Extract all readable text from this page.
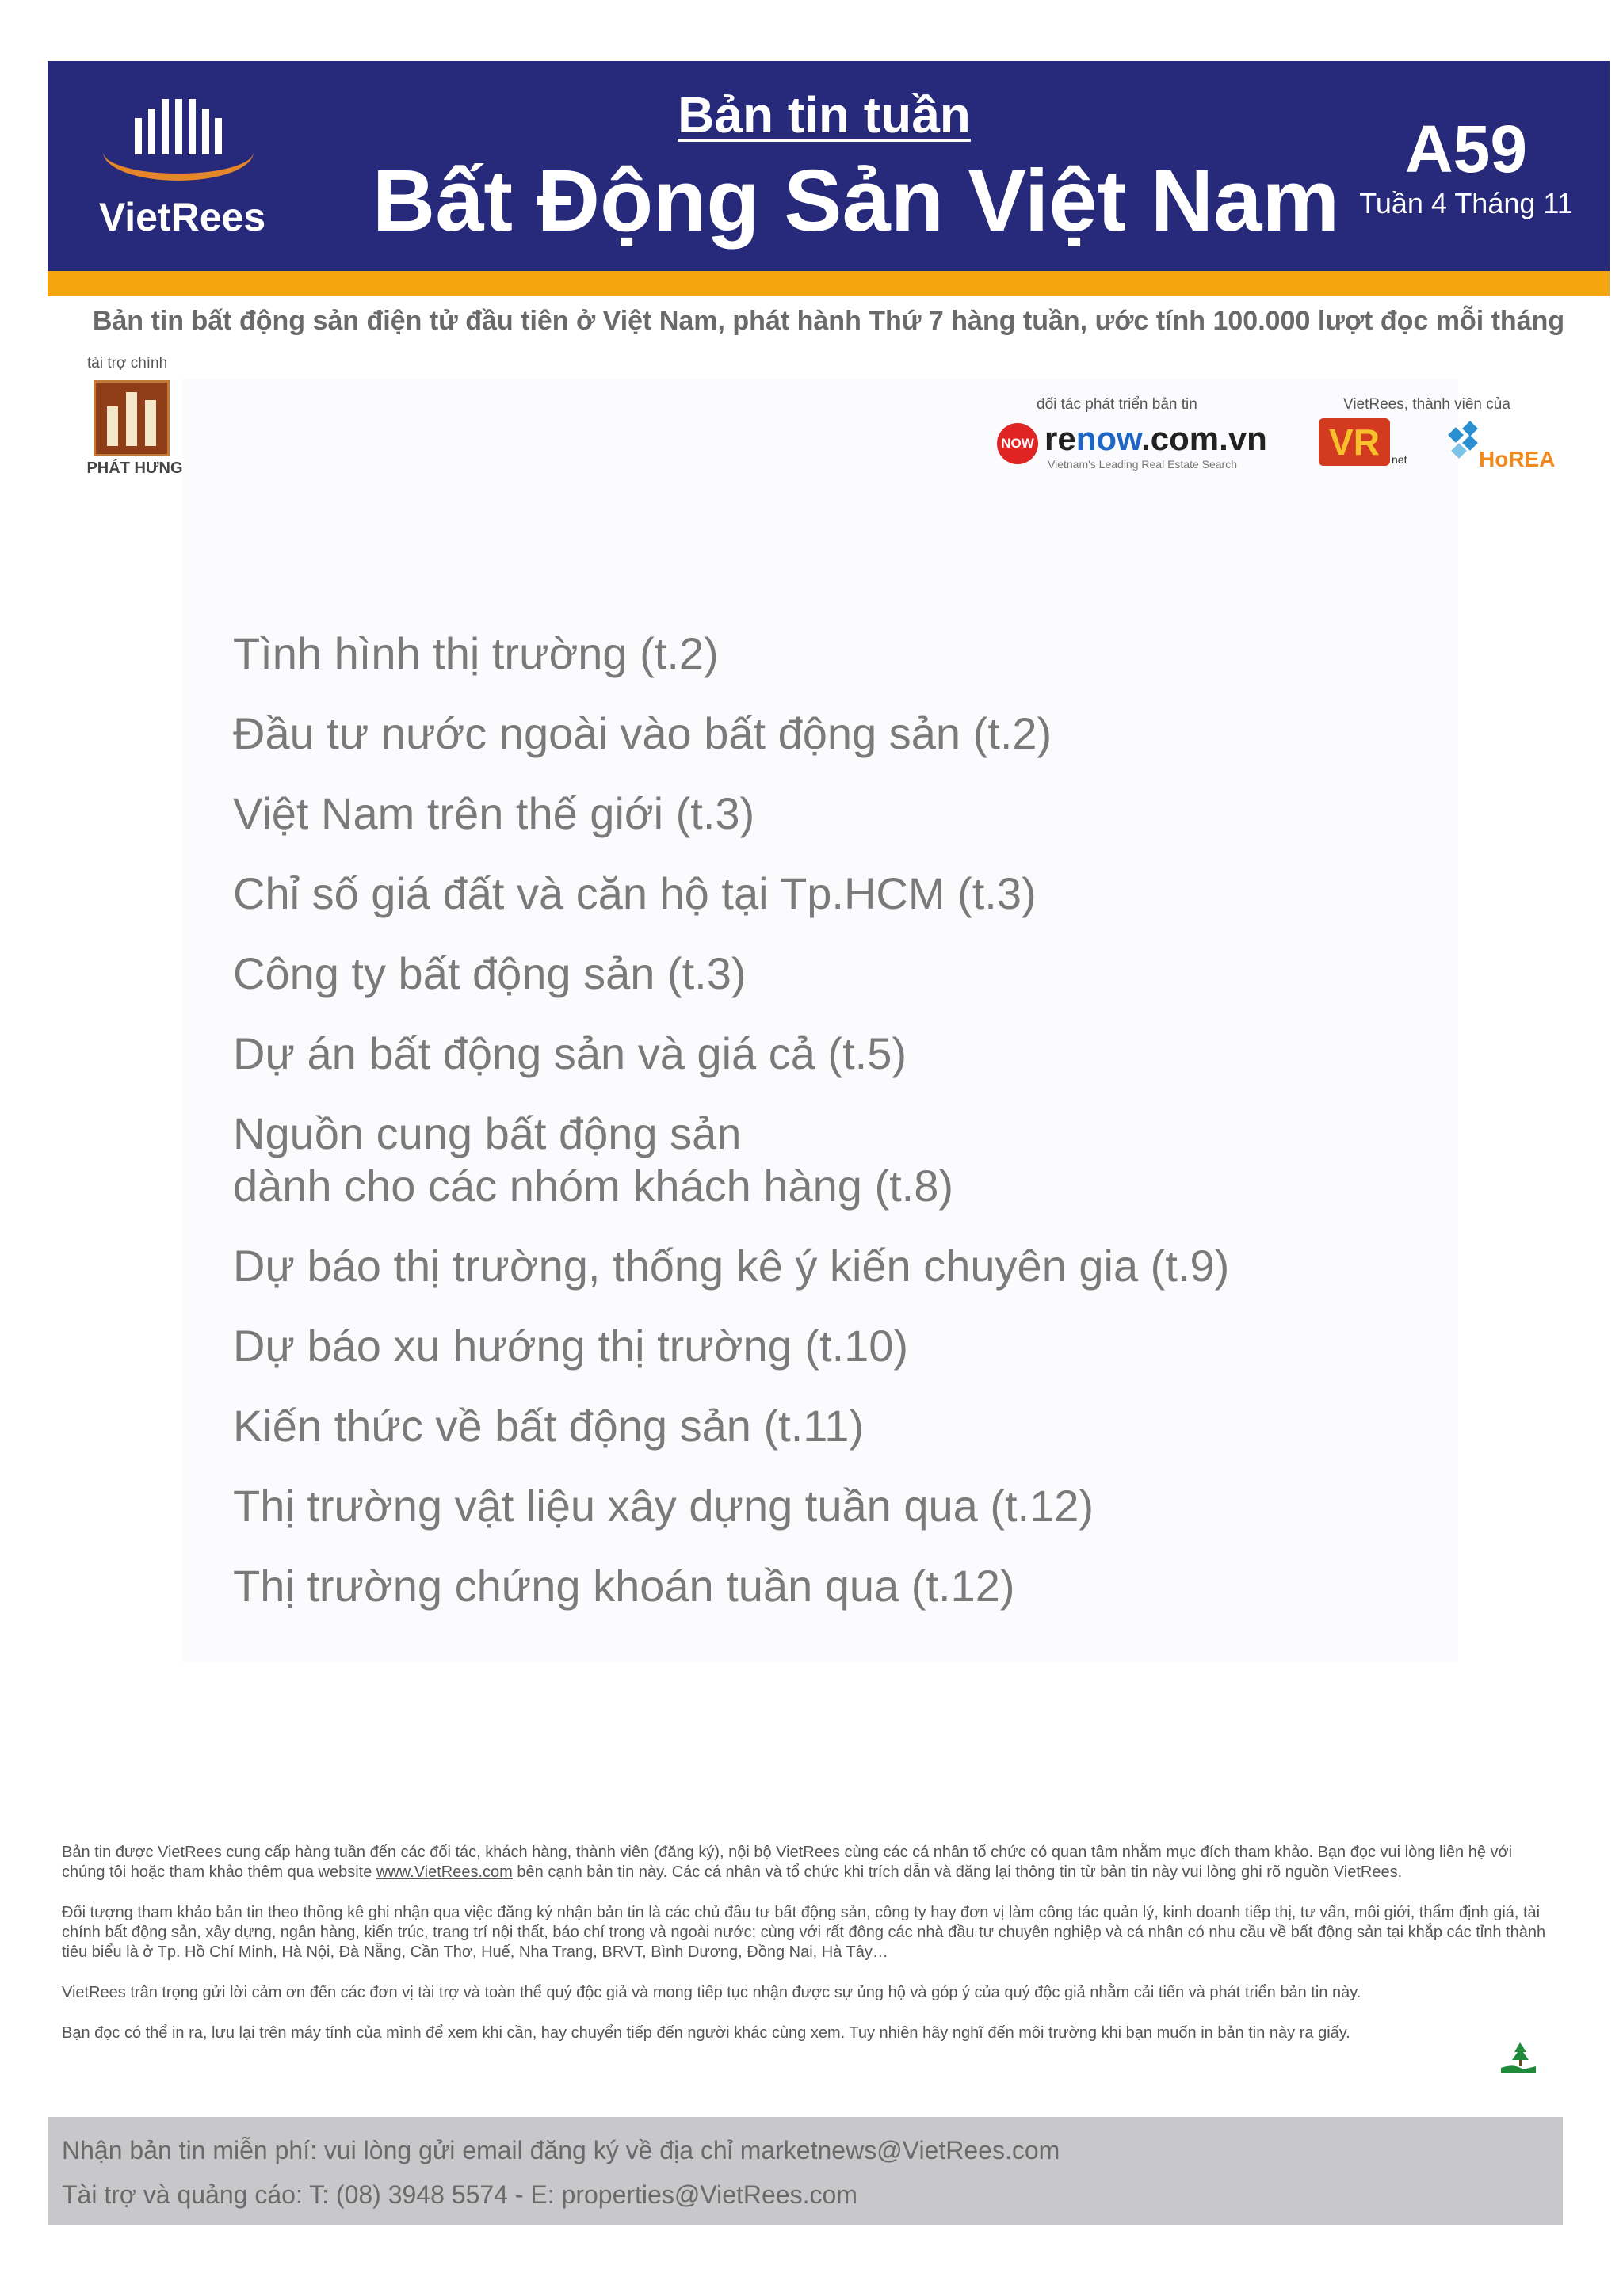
VietRees
Bản tin tuần
Bất Động Sản Việt Nam
A59
Tuần 4 Tháng 11
Bản tin bất động sản điện tử đầu tiên ở Việt Nam, phát hành Thứ 7 hàng tuần, ước tính 100.000 lượt đọc mỗi tháng
tài trợ chính
PHÁT HƯNG
đối tác phát triển bản tin
NOW renow.com.vn
Vietnam's Leading Real Estate Search
VietRees, thành viên của
VR	net	HoREA
Tình hình thị trường (t.2)
Đầu tư nước ngoài vào bất động sản (t.2)
Việt Nam trên thế giới (t.3)
Chỉ số giá đất và căn hộ tại Tp.HCM (t.3)
Công ty bất động sản (t.3)
Dự án bất động sản và giá cả (t.5)
Nguồn cung bất động sản
dành cho các nhóm khách hàng (t.8)
Dự báo thị trường, thống kê ý kiến chuyên gia (t.9)
Dự báo xu hướng thị trường (t.10)
Kiến thức về bất động sản (t.11)
Thị trường vật liệu xây dựng tuần qua (t.12)
Thị trường chứng khoán tuần qua (t.12)

Bản tin được VietRees cung cấp hàng tuần đến các đối tác, khách hàng, thành viên (đăng ký), nội bộ VietRees cùng các cá nhân tổ chức có quan tâm nhằm mục đích tham khảo. Bạn đọc vui lòng liên hệ với chúng tôi hoặc tham khảo thêm qua website www.VietRees.com bên cạnh bản tin này. Các cá nhân và tổ chức khi trích dẫn và đăng lại thông tin từ bản tin này vui lòng ghi rõ nguồn VietRees.

Đối tượng tham khảo bản tin theo thống kê ghi nhận qua việc đăng ký nhận bản tin là các chủ đầu tư bất động sản, công ty hay đơn vị làm công tác quản lý, kinh doanh tiếp thị, tư vấn, môi giới, thẩm định giá, tài chính bất động sản, xây dựng, ngân hàng, kiến trúc, trang trí nội thất, báo chí trong và ngoài nước; cùng với rất đông các nhà đầu tư chuyên nghiệp và cá nhân có nhu cầu về bất động sản tại khắp các tỉnh thành tiêu biểu là ở Tp. Hồ Chí Minh, Hà Nội, Đà Nẵng, Cần Thơ, Huế, Nha Trang, BRVT, Bình Dương, Đồng Nai, Hà Tây…

VietRees trân trọng gửi lời cảm ơn đến các đơn vị tài trợ và toàn thể quý độc giả và mong tiếp tục nhận được sự ủng hộ và góp ý của quý độc giả nhằm cải tiến và phát triển bản tin này.

Bạn đọc có thể in ra, lưu lại trên máy tính của mình để xem khi cần, hay chuyển tiếp đến người khác cùng xem. Tuy nhiên hãy nghĩ đến môi trường khi bạn muốn in bản tin này ra giấy.

Nhận bản tin miễn phí: vui lòng gửi email đăng ký về địa chỉ marketnews@VietRees.com
Tài trợ và quảng cáo: T: (08) 3948 5574 - E: properties@VietRees.com
